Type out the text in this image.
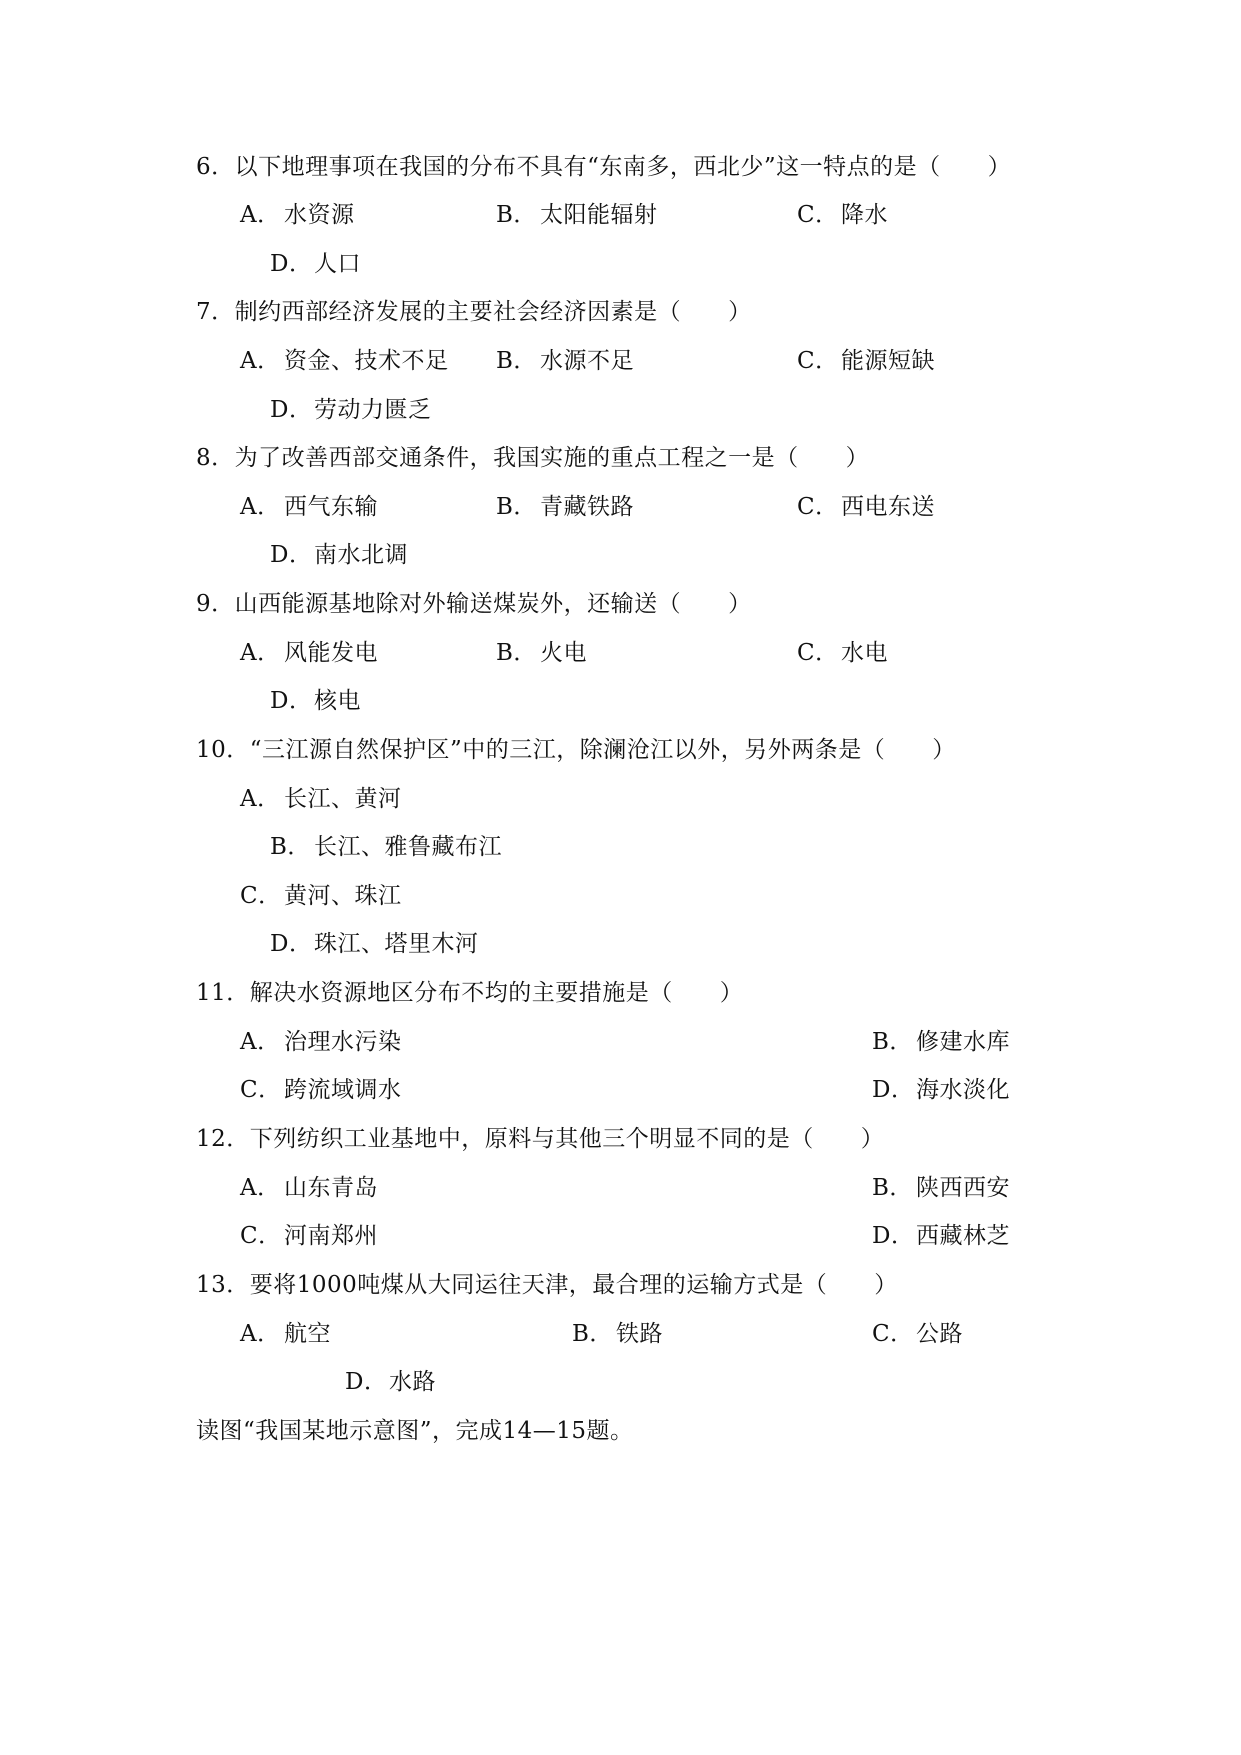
6．以下地理事项在我国的分布不具有“东南多，西北少”这一特点的是（　　）
A． 水资源	B． 太阳能辐射	C． 降水
D．人口
7．制约西部经济发展的主要社会经济因素是（　　）
A． 资金、技术不足 B． 水源不足	C． 能源短缺
D．劳动力匮乏
8．为了改善西部交通条件，我国实施的重点工程之一是（　　）
A． 西气东输	B． 青藏铁路	C． 西电东送
D．南水北调
9．山西能源基地除对外输送煤炭外，还输送（　　）
A． 风能发电	B． 火电	C． 水电
D．核电
10．“三江源自然保护区”中的三江，除澜沧江以外，另外两条是（　　）
A． 长江、黄河
B． 长江、雅鲁藏布江
C． 黄河、珠江
D．珠江、塔里木河
11．解决水资源地区分布不均的主要措施是（　　）
A． 治理水污染	B． 修建水库
C． 跨流域调水	D．海水淡化
12．下列纺织工业基地中，原料与其他三个明显不同的是（　　）
A． 山东青岛	B． 陕西西安
C． 河南郑州	D．西藏林芝
13．要将1000吨煤从大同运往天津，最合理的运输方式是（　　）
A． 航空	B． 铁路	C． 公路
D．水路
读图“我国某地示意图”，完成14—15题。
